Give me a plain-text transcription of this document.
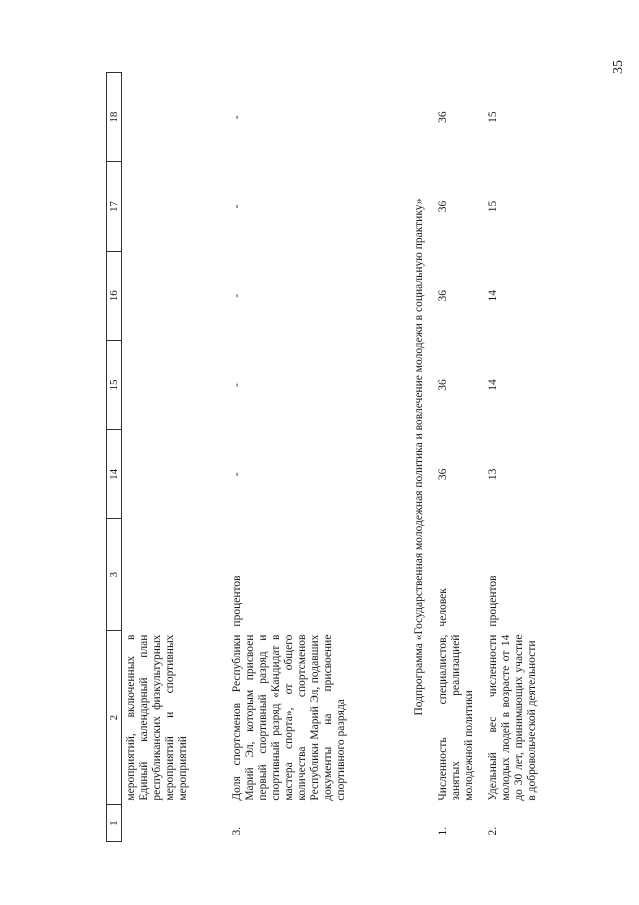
35
1	2	3	14	15	16	17	18
	мероприятий, включенных в Единый календарный план республиканских физкультурных мероприятий и спортивных мероприятий						

3.	Доля спортсменов Республики Марий Эл, которым присвоен первый спортивный разряд и спортивный разряд «Кандидат в мастера спорта», от общего количества спортсменов Республики Марий Эл, подавших документы на присвоение спортивного разряда	процентов	-	-	-	-	-
Подпрограмма «Государственная молодежная политика и вовлечение молодежи в социальную практику»							
1.	Численность специалистов, занятых реализацией молодежной политики	человек	36	36	36	36	36
2.	Удельный вес численности молодых людей в возрасте от 14 до 30 лет, принимающих участие в добровольческой деятельности	процентов	13	14	14	15	15
